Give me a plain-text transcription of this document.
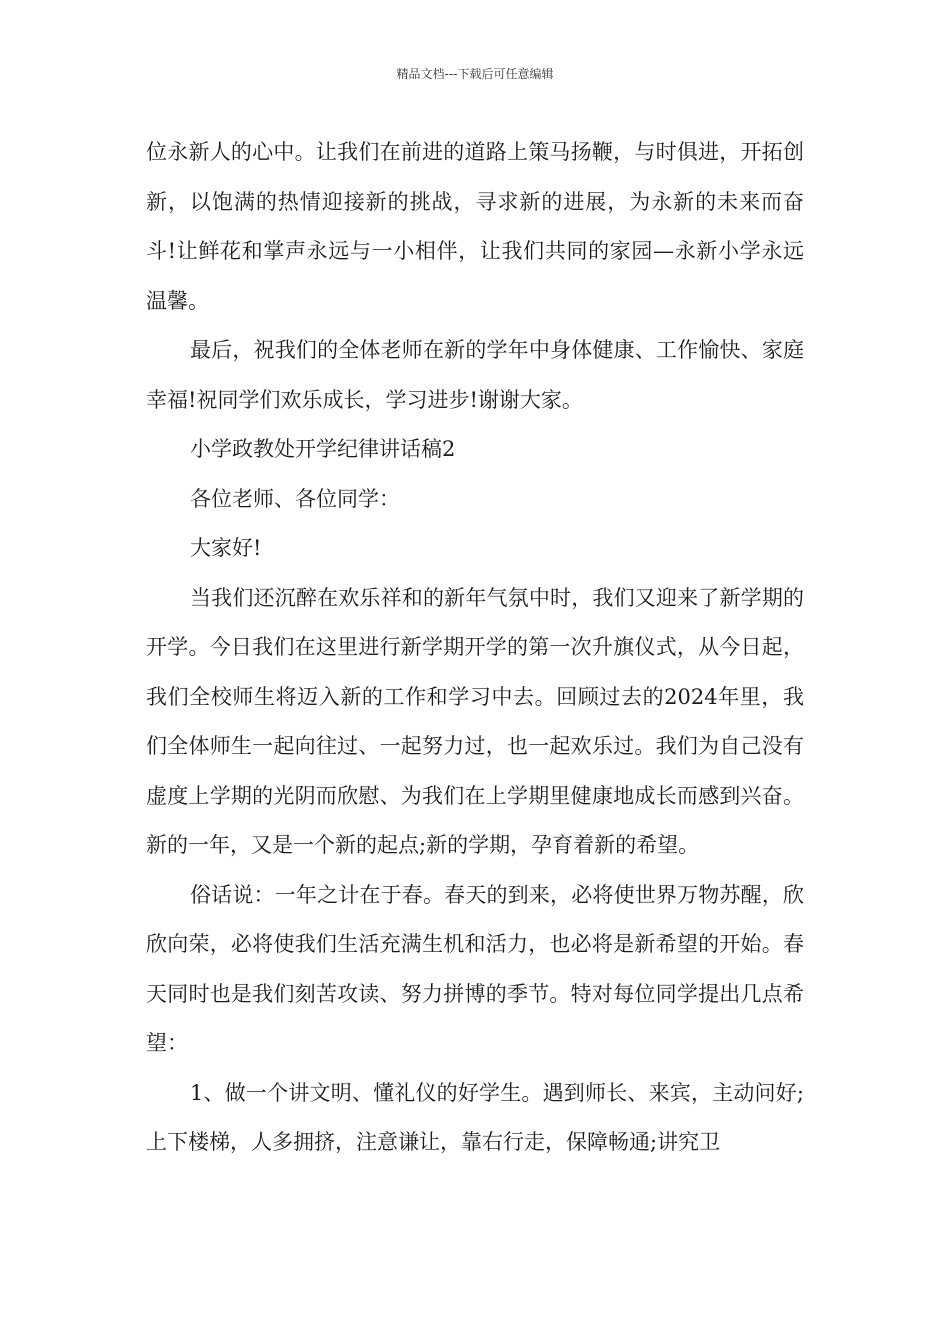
精品文档---下载后可任意编辑

位永新人的心中。让我们在前进的道路上策马扬鞭，与时俱进，开拓创新，以饱满的热情迎接新的挑战，寻求新的进展，为永新的未来而奋斗!让鲜花和掌声永远与一小相伴，让我们共同的家园—永新小学永远温馨。

最后，祝我们的全体老师在新的学年中身体健康、工作愉快、家庭幸福!祝同学们欢乐成长，学习进步!谢谢大家。

小学政教处开学纪律讲话稿2

各位老师、各位同学：

大家好!

当我们还沉醉在欢乐祥和的新年气氛中时，我们又迎来了新学期的开学。今日我们在这里进行新学期开学的第一次升旗仪式，从今日起，我们全校师生将迈入新的工作和学习中去。回顾过去的2024年里，我们全体师生一起向往过、一起努力过，也一起欢乐过。我们为自己没有虚度上学期的光阴而欣慰、为我们在上学期里健康地成长而感到兴奋。新的一年，又是一个新的起点;新的学期，孕育着新的希望。

俗话说：一年之计在于春。春天的到来，必将使世界万物苏醒，欣欣向荣，必将使我们生活充满生机和活力，也必将是新希望的开始。春天同时也是我们刻苦攻读、努力拼博的季节。特对每位同学提出几点希望：

1、做一个讲文明、懂礼仪的好学生。遇到师长、来宾，主动问好;上下楼梯，人多拥挤，注意谦让，靠右行走，保障畅通;讲究卫
